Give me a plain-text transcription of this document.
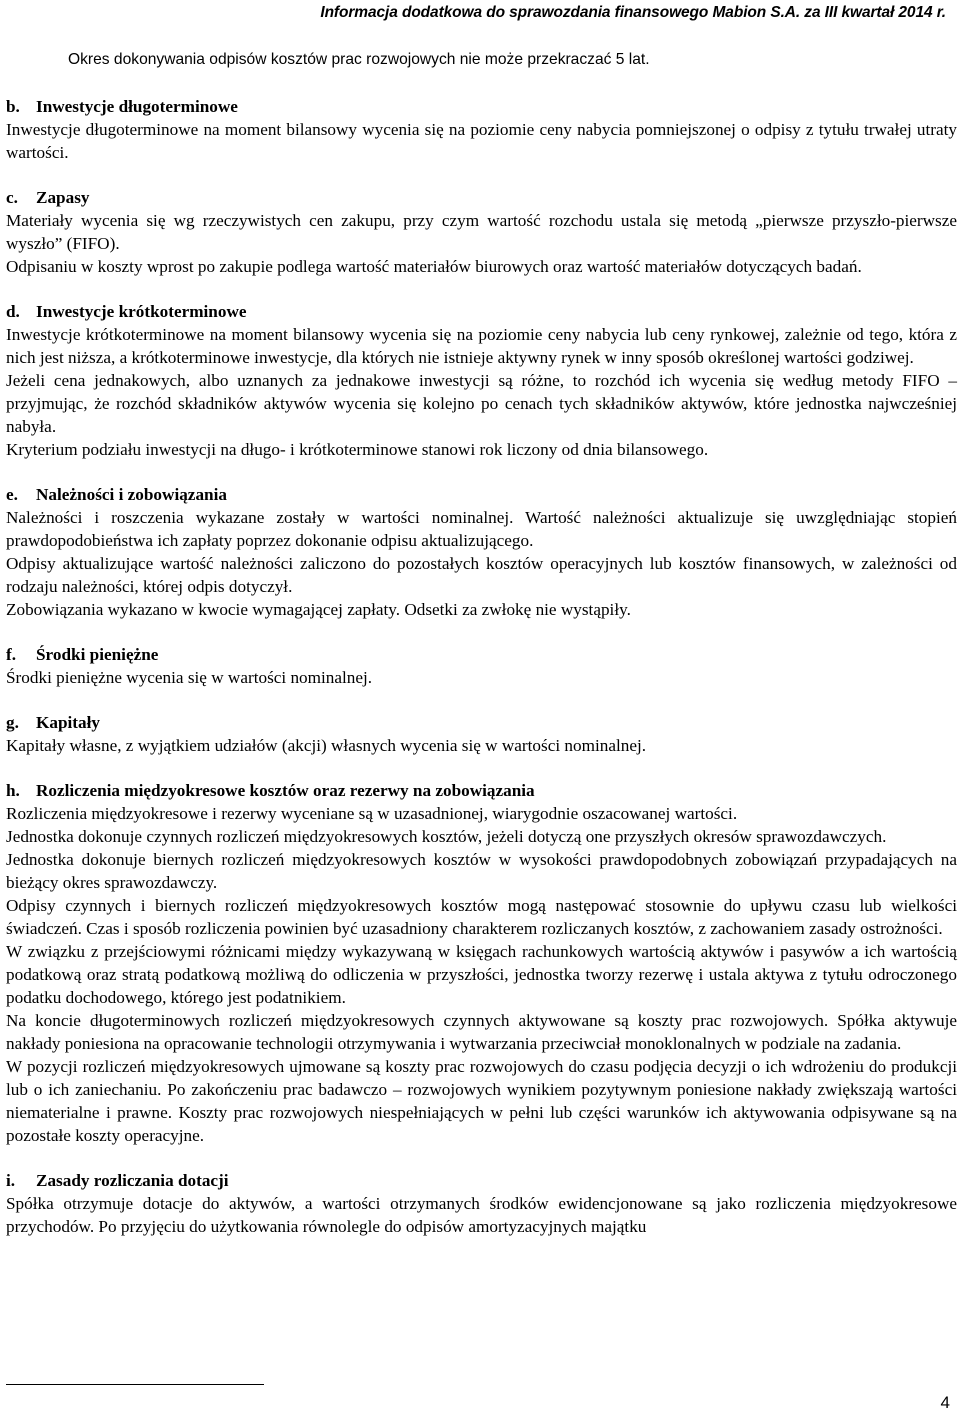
Informacja dodatkowa do sprawozdania finansowego Mabion S.A. za III kwartał 2014 r.

Okres dokonywania odpisów kosztów prac rozwojowych nie może przekraczać 5 lat.

b. Inwestycje długoterminowe

Inwestycje długoterminowe na moment bilansowy wycenia się na poziomie ceny nabycia pomniejszonej o odpisy z tytułu trwałej utraty wartości.

c. Zapasy

Materiały wycenia się wg rzeczywistych cen zakupu, przy czym wartość rozchodu ustala się metodą „pierwsze przyszło-pierwsze wyszło” (FIFO).

Odpisaniu w koszty wprost po zakupie podlega wartość materiałów biurowych oraz wartość materiałów dotyczących badań.

d. Inwestycje krótkoterminowe

Inwestycje krótkoterminowe na moment bilansowy wycenia się na poziomie ceny nabycia lub ceny rynkowej, zależnie od tego, która z nich jest niższa, a krótkoterminowe inwestycje, dla których nie istnieje aktywny rynek w inny sposób określonej wartości godziwej.

Jeżeli cena jednakowych, albo uznanych za jednakowe inwestycji są różne, to rozchód ich wycenia się według metody FIFO – przyjmując, że rozchód składników aktywów wycenia się kolejno po cenach tych składników aktywów, które jednostka najwcześniej nabyła.

Kryterium podziału inwestycji na długo- i krótkoterminowe stanowi rok liczony od dnia bilansowego.

e. Należności i zobowiązania

Należności i roszczenia wykazane zostały w wartości nominalnej. Wartość należności aktualizuje się uwzględniając stopień prawdopodobieństwa ich zapłaty poprzez dokonanie odpisu aktualizującego.

Odpisy aktualizujące wartość należności zaliczono do pozostałych kosztów operacyjnych lub kosztów finansowych, w zależności od rodzaju należności, której odpis dotyczył.

Zobowiązania wykazano w kwocie wymagającej zapłaty. Odsetki za zwłokę nie wystąpiły.

f. Środki pieniężne

Środki pieniężne wycenia się w wartości nominalnej.

g. Kapitały

Kapitały własne, z wyjątkiem udziałów (akcji) własnych wycenia się w wartości nominalnej.

h. Rozliczenia międzyokresowe kosztów oraz rezerwy na zobowiązania

Rozliczenia międzyokresowe i rezerwy wyceniane są w uzasadnionej, wiarygodnie oszacowanej wartości.

Jednostka dokonuje czynnych rozliczeń międzyokresowych kosztów, jeżeli dotyczą one przyszłych okresów sprawozdawczych.

Jednostka dokonuje biernych rozliczeń międzyokresowych kosztów w wysokości prawdopodobnych zobowiązań przypadających na bieżący okres sprawozdawczy.

Odpisy czynnych i biernych rozliczeń międzyokresowych kosztów mogą następować stosownie do upływu czasu lub wielkości świadczeń. Czas i sposób rozliczenia powinien być uzasadniony charakterem rozliczanych kosztów, z zachowaniem zasady ostrożności.

W związku z przejściowymi różnicami między wykazywaną w księgach rachunkowych wartością aktywów i pasywów a ich wartością podatkową oraz stratą podatkową możliwą do odliczenia w przyszłości, jednostka tworzy rezerwę i ustala aktywa z tytułu odroczonego podatku dochodowego, którego jest podatnikiem.

Na koncie długoterminowych rozliczeń międzyokresowych czynnych aktywowane są koszty prac rozwojowych. Spółka aktywuje nakłady poniesiona na opracowanie technologii otrzymywania i wytwarzania przeciwciał monoklonalnych w podziale na zadania.

W pozycji rozliczeń międzyokresowych ujmowane są koszty prac rozwojowych do czasu podjęcia decyzji o ich wdrożeniu do produkcji lub o ich zaniechaniu. Po zakończeniu prac badawczo – rozwojowych wynikiem pozytywnym poniesione nakłady zwiększają wartości niematerialne i prawne. Koszty prac rozwojowych niespełniających w pełni lub części warunków ich aktywowania odpisywane są na pozostałe koszty operacyjne.

i. Zasady rozliczania dotacji

Spółka otrzymuje dotacje do aktywów, a wartości otrzymanych środków ewidencjonowane są jako rozliczenia międzyokresowe przychodów. Po przyjęciu do użytkowania równolegle do odpisów amortyzacyjnych majątku

4
